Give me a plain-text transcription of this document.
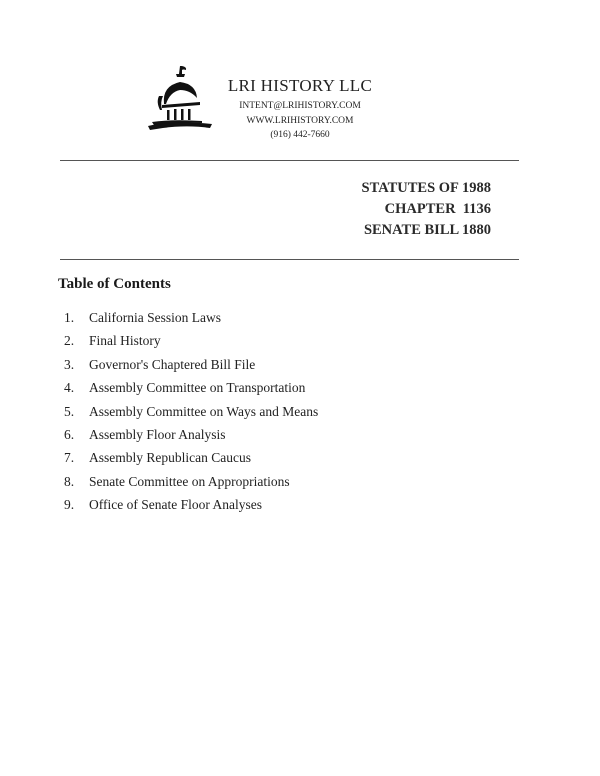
LRI HISTORY LLC
INTENT@LRIHISTORY.COM
WWW.LRIHISTORY.COM
(916) 442-7660
STATUTES OF 1988
CHAPTER  1136
SENATE BILL 1880
Table of Contents
1. California Session Laws
2. Final History
3. Governor's Chaptered Bill File
4. Assembly Committee on Transportation
5. Assembly Committee on Ways and Means
6. Assembly Floor Analysis
7. Assembly Republican Caucus
8. Senate Committee on Appropriations
9. Office of Senate Floor Analyses
